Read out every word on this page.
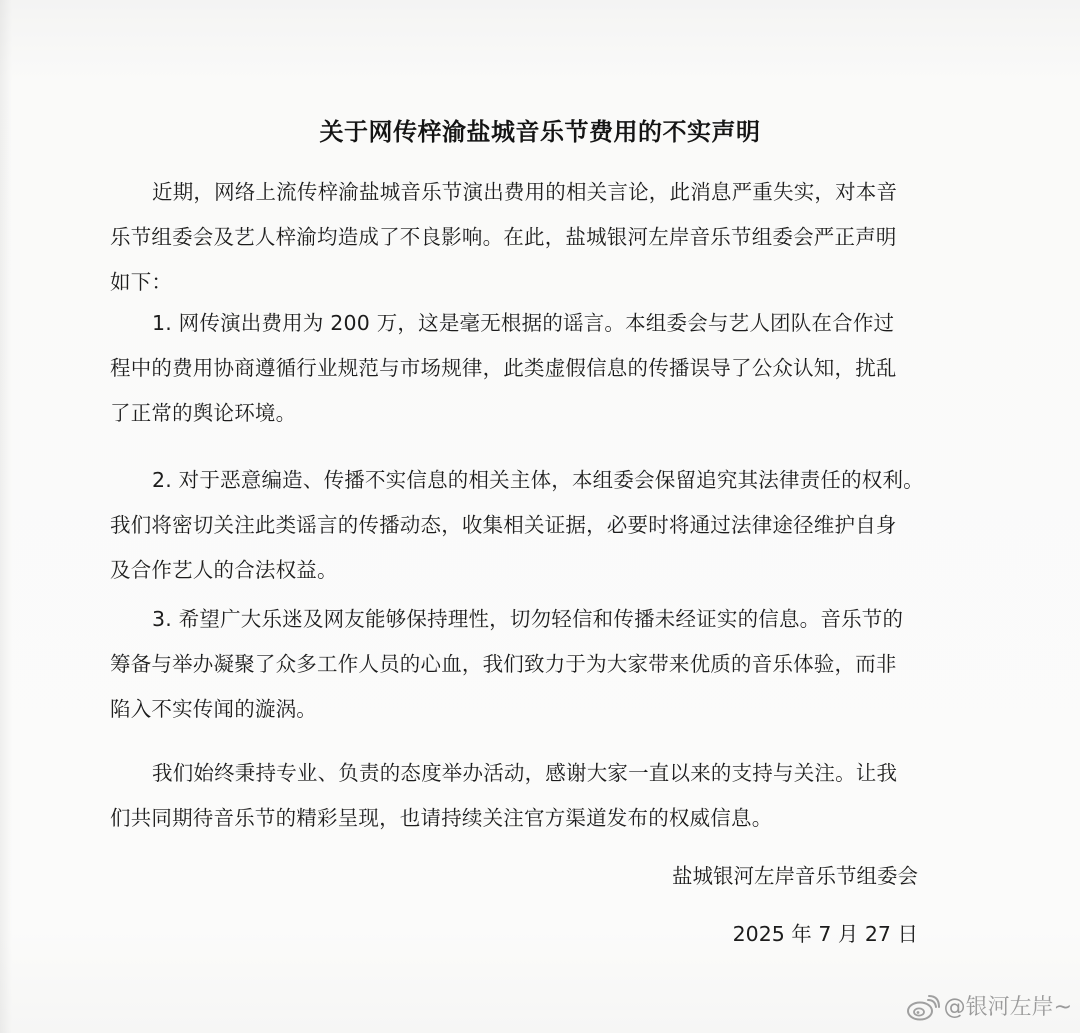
关于网传梓渝盐城音乐节费用的不实声明
近期，网络上流传梓渝盐城音乐节演出费用的相关言论，此消息严重失实，对本音
乐节组委会及艺人梓渝均造成了不良影响。在此，盐城银河左岸音乐节组委会严正声明
如下：
1. 网传演出费用为 200 万，这是毫无根据的谣言。本组委会与艺人团队在合作过
程中的费用协商遵循行业规范与市场规律，此类虚假信息的传播误导了公众认知，扰乱
了正常的舆论环境。
2. 对于恶意编造、传播不实信息的相关主体，本组委会保留追究其法律责任的权利。
我们将密切关注此类谣言的传播动态，收集相关证据，必要时将通过法律途径维护自身
及合作艺人的合法权益。
3. 希望广大乐迷及网友能够保持理性，切勿轻信和传播未经证实的信息。音乐节的
筹备与举办凝聚了众多工作人员的心血，我们致力于为大家带来优质的音乐体验，而非
陷入不实传闻的漩涡。
我们始终秉持专业、负责的态度举办活动，感谢大家一直以来的支持与关注。让我
们共同期待音乐节的精彩呈现，也请持续关注官方渠道发布的权威信息。
盐城银河左岸音乐节组委会
2025 年 7 月 27 日
@银河左岸~
